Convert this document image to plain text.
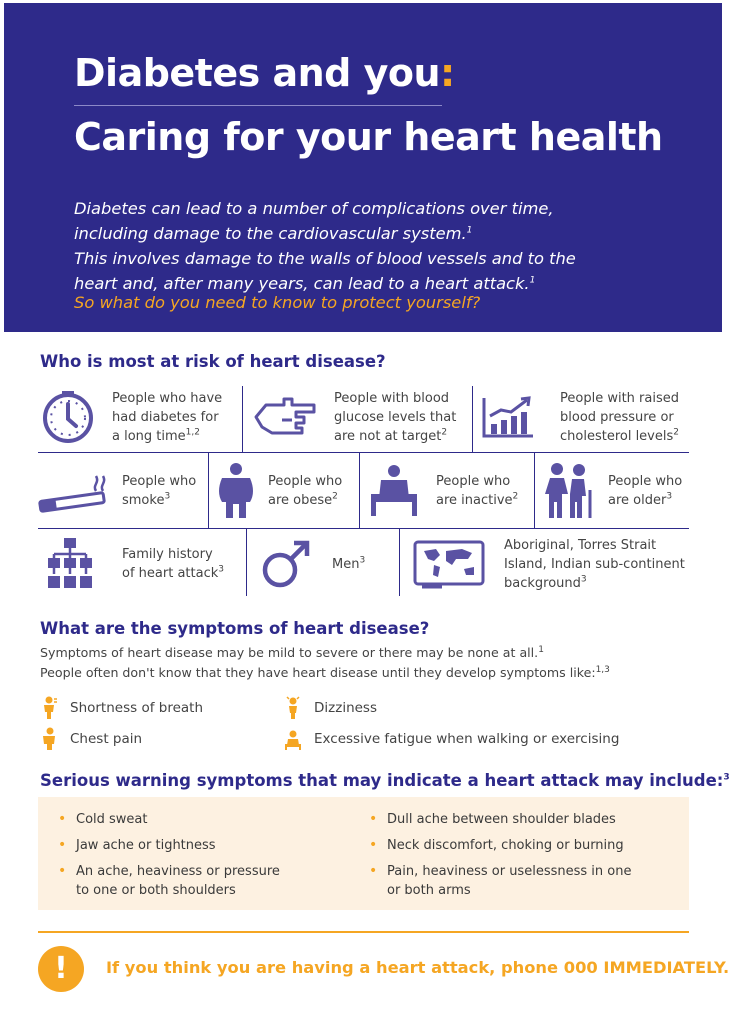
Diabetes and you:
Caring for your heart health
Diabetes can lead to a number of complications over time,
including damage to the cardiovascular system.$^1$
This involves damage to the walls of blood vessels and to the
heart and, after many years, can lead to a heart attack.$^1$
So what do you need to know to protect yourself?
Who is most at risk of heart disease?
People who have
had diabetes for
a long time$^{1,2}$
People with blood
glucose levels that
are not at target$^2$
People with raised
blood pressure or
cholesterol levels$^2$
People who
smoke$^3$
People who
are obese$^2$
People who
are inactive$^2$
People who
are older$^3$
Family history
of heart attack$^3$	Men$^3$
Aboriginal, Torres Strait
Island, Indian sub-continent
background$^3$
What are the symptoms of heart disease?
Symptoms of heart disease may be mild to severe or there may be none at all.$^1$
People often don't know that they have heart disease until they develop symptoms like:$^{1,3}$
Shortness of breath	Dizziness
Chest pain	Excessive fatigue when walking or exercising
Serious warning symptoms that may indicate a heart attack may include:$^3$
• Cold sweat
• Jaw ache or tightness
• An ache, heaviness or pressure
to one or both shoulders
• Dull ache between shoulder blades
• Neck discomfort, choking or burning
• Pain, heaviness or uselessness in one
or both arms
!	If you think you are having a heart attack, phone 000 IMMEDIATELY.
